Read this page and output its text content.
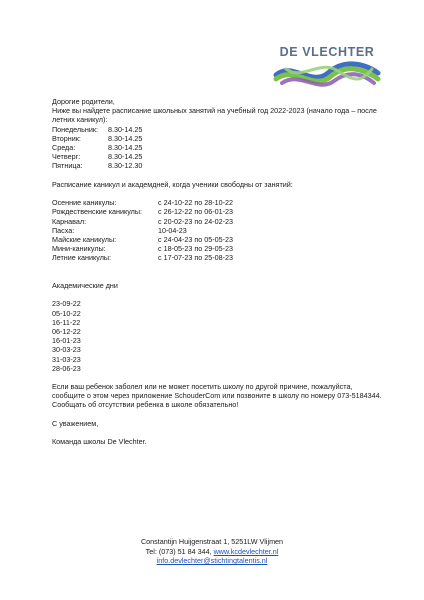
DE VLECHTER

Дорогие родители,

Ниже вы найдете расписание школьных занятий на учебный год 2022-2023 (начало года – после летних каникул):

Понедельник:	8.30-14.25
Вторник:	8.30-14.25
Среда:	8.30-14.25
Четверг:	8.30-14.25
Пятница:	8.30-12.30

Расписание каникул и академдней, когда ученики свободны от занятий:

Осенние каникулы:	с 24-10-22 по 28-10-22
Рождественские каникулы:	с 26-12-22 по 06-01-23
Карнавал:	с 20-02-23 по 24-02-23
Пасха:	10-04-23
Майские каникулы:	с 24-04-23 по 05-05-23
Мини-каникулы:	с 18-05-23 по 29-05-23
Летние каникулы:	с 17-07-23 по 25-08-23

Академические дни

23-09-22
05-10-22
16-11-22
06-12-22
16-01-23
30-03-23
31-03-23
28-06-23

Если ваш ребенок заболел или не может посетить школу по другой причине, пожалуйста, сообщите о этом через приложение SchouderCom или позвоните в школу по номеру 073-5184344. Сообщать об отсутствии ребенка в школе обязательно!

С уважением,

Команда школы De Vlechter.

Constantijn Huijgenstraat 1, 5251LW Vlijmen
Tel: (073) 51 84 344, www.kcdevlechter.nl
info.devlechter@stichtingtalentis.nl
